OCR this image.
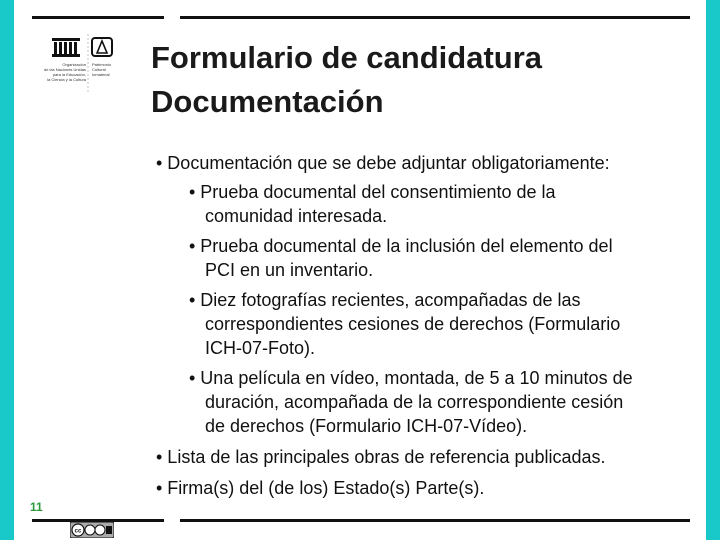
Organización
de las Naciones Unidas
para la Educación,
la Ciencia y la Cultura
Patrimonio
Cultural
Inmaterial Formulario de candidatura
Documentación
• Documentación que se debe adjuntar obligatoriamente:
• Prueba documental del consentimiento de la
comunidad interesada.
• Prueba documental de la inclusión del elemento del
PCI en un inventario.
• Diez fotografías recientes, acompañadas de las
correspondientes cesiones de derechos (Formulario
ICH-07-Foto).
• Una película en vídeo, montada, de 5 a 10 minutos de
duración, acompañada de la correspondiente cesión
de derechos (Formulario ICH-07-Vídeo).
• Lista de las principales obras de referencia publicadas.
• Firma(s) del (de los) Estado(s) Parte(s).
11
cc
